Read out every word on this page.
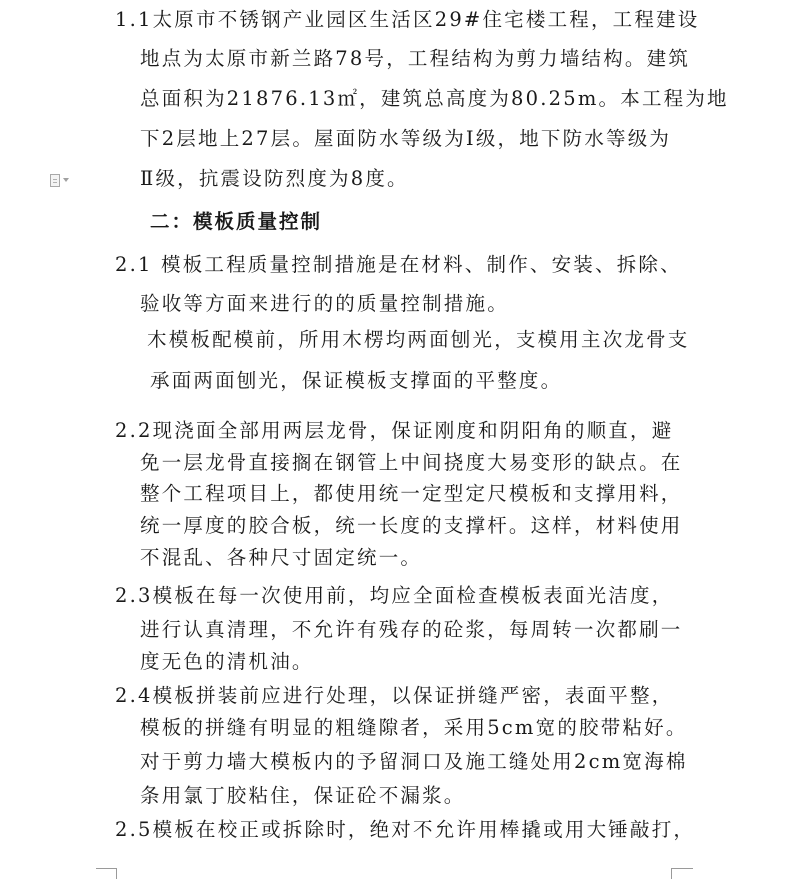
1.1太原市不锈钢产业园区生活区29#住宅楼工程，工程建设
地点为太原市新兰路78号，工程结构为剪力墙结构。建筑
总面积为21876.13㎡，建筑总高度为80.25m。本工程为地
下2层地上27层。屋面防水等级为Ⅰ级，地下防水等级为
Ⅱ级，抗震设防烈度为8度。
二：模板质量控制
2.1 模板工程质量控制措施是在材料、制作、安装、拆除、
验收等方面来进行的的质量控制措施。
木模板配模前，所用木楞均两面刨光，支模用主次龙骨支
承面两面刨光，保证模板支撑面的平整度。
2.2现浇面全部用两层龙骨，保证刚度和阴阳角的顺直，避
免一层龙骨直接搁在钢管上中间挠度大易变形的缺点。在
整个工程项目上，都使用统一定型定尺模板和支撑用料，
统一厚度的胶合板，统一长度的支撑杆。这样，材料使用
不混乱、各种尺寸固定统一。
2.3模板在每一次使用前，均应全面检查模板表面光洁度，
进行认真清理，不允许有残存的砼浆，每周转一次都刷一
度无色的清机油。
2.4模板拼装前应进行处理，以保证拼缝严密，表面平整，
模板的拼缝有明显的粗缝隙者，采用5cm宽的胶带粘好。
对于剪力墙大模板内的予留洞口及施工缝处用2cm宽海棉
条用氯丁胶粘住，保证砼不漏浆。
2.5模板在校正或拆除时，绝对不允许用棒撬或用大锤敲打，
